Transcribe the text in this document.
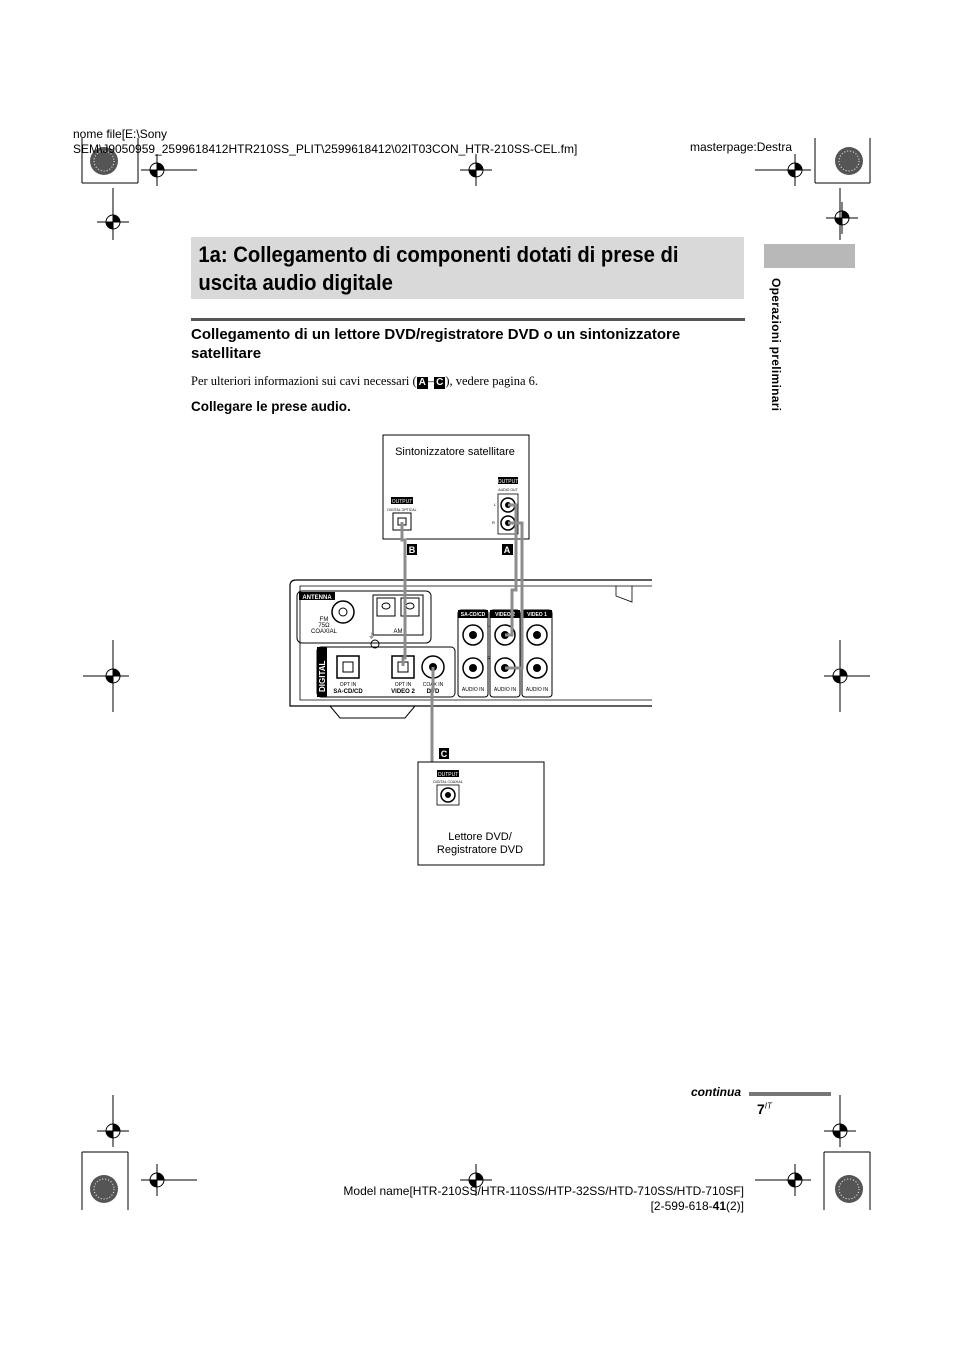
nome file[E:\Sony
SEM\J9050959_2599618412HTR210SS_PLIT\2599618412\02IT03CON_HTR-210SS-CEL.fm]	masterpage:Destra
Operazioni preliminari
1a: Collegamento di componenti dotati di prese di uscita audio digitale
Collegamento di un lettore DVD/registratore DVD o un sintonizzatore satellitare
Per ulteriori informazioni sui cavi necessari ( A – C ), vedere pagina 6.
Collegare le prese audio.
Sintonizzatore satellitare
OUTPUT
DIGITAL OPTICAL
OUTPUT
AUDIO OUT
L
R
B	A
ANTENNA
FM
75Ω
COAXIAL	AM
⏚
DIGITAL	OPT IN
SA-CD/CD
OPT IN
VIDEO 2
COAX IN
DVD
SA-CD/CD
AUDIO IN
L
R
VIDEO 2
AUDIO IN
VIDEO 1
AUDIO IN
C
OUTPUT
DIGITAL COAXIAL
Lettore DVD/
Registratore DVD
continua
$7^{IT}$
Model name[HTR-210SS/HTR-110SS/HTP-32SS/HTD-710SS/HTD-710SF]
[2-599-618-41(2)]
